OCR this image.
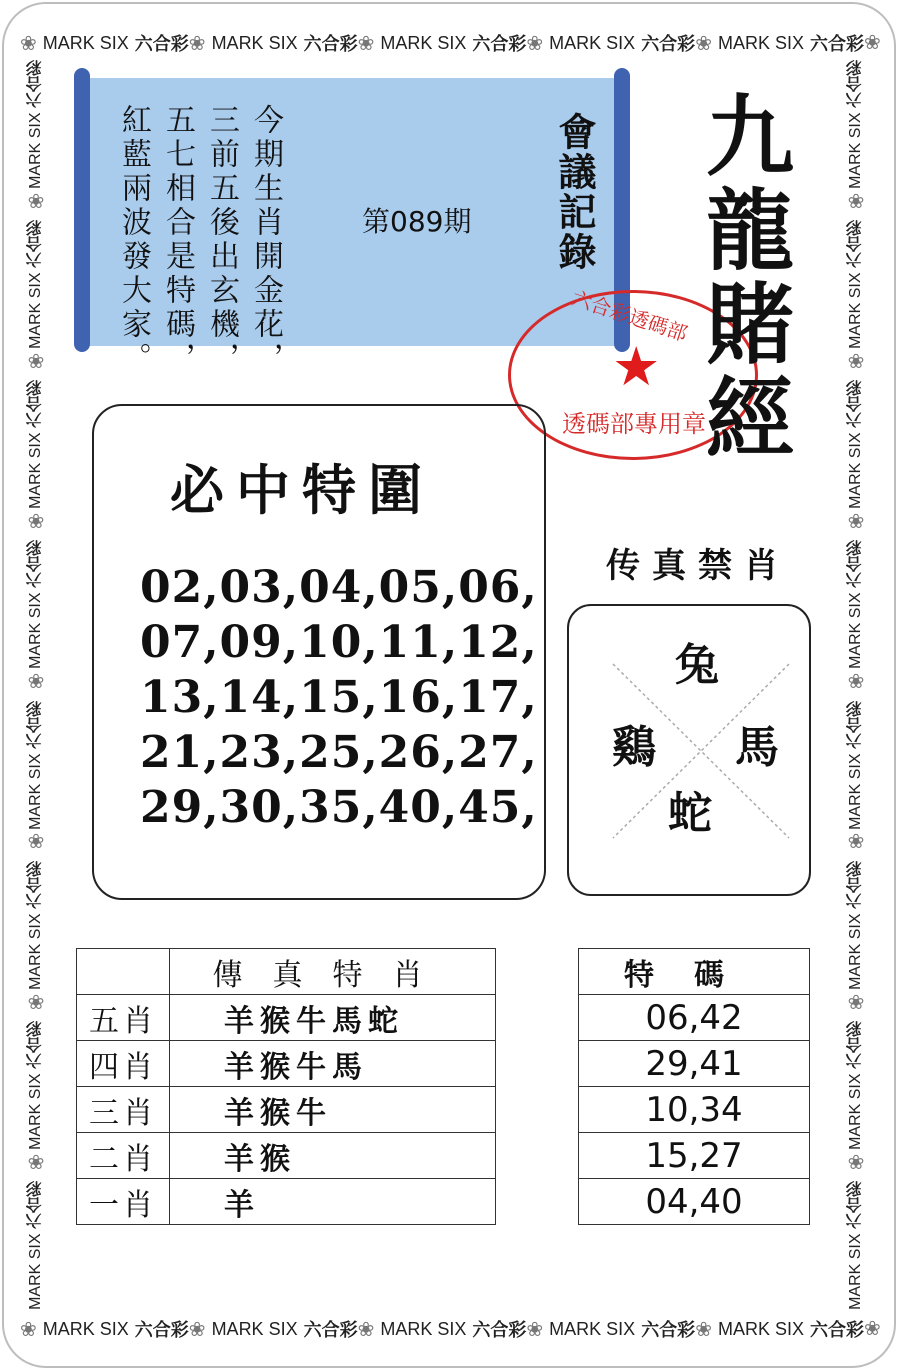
❀ MARK SIX 六合彩 ❀ MARK SIX 六合彩 ❀ MARK SIX 六合彩 ❀ MARK SIX 六合彩 ❀ MARK SIX 六合彩 ❀
❀ MARK SIX 六合彩 ❀ MARK SIX 六合彩 ❀ MARK SIX 六合彩 ❀ MARK SIX 六合彩 ❀ MARK SIX 六合彩 ❀
MARK SIX 六合彩
❀
MARK SIX 六合彩
❀
MARK SIX 六合彩
❀
MARK SIX 六合彩
❀
MARK SIX 六合彩
❀
MARK SIX 六合彩
❀
MARK SIX 六合彩
❀
MARK SIX 六合彩
MARK SIX 六合彩
❀
MARK SIX 六合彩
❀
MARK SIX 六合彩
❀
MARK SIX 六合彩
❀
MARK SIX 六合彩
❀
MARK SIX 六合彩
❀
MARK SIX 六合彩
❀
MARK SIX 六合彩
今期生肖開金花，
三前五後出玄機，
五七相合是特碼，
紅藍兩波發大家。	第089期 會議記錄
六合彩透碼部
★
透碼部專用章
九龍賭經
必中特圍
02,03,04,05,06,
07,09,10,11,12,
13,14,15,16,17,
21,23,25,26,27,
29,30,35,40,45,
传真禁肖
兔
鷄 馬
蛇
	傳真特肖
五肖	羊猴牛馬蛇
四肖	羊猴牛馬
三肖	羊猴牛
二肖	羊猴
一肖	羊
特碼
06,42
29,41
10,34
15,27
04,40
